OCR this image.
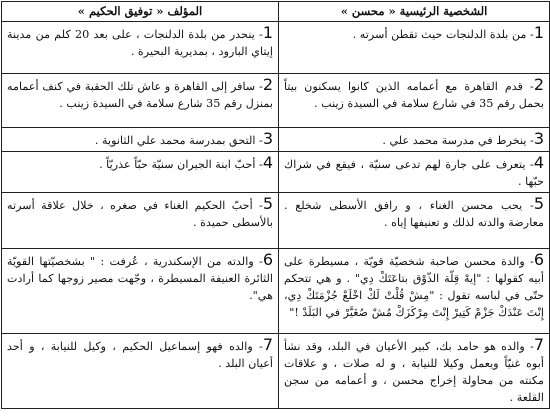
الشخصية الرئيسية « محسن »	المؤلف « توفيق الحكيم »
1- من بلدة الدلنجات حيث تقطن أسرته .	1- ينحدر من بلدة الدلنجات ، على بعد 20 كلم من مدينة إيتاي البارود ، بمديرية البحيرة .
2- قدم القاهرة مع أعمامه الذين كانوا يسكنون بيتاً بحمل رقم 35 في شارع سلامة في السيدة زينب .	2- سافر إلى القاهرة و عاش تلك الحقبة في كنف أعمامه بمنزل رقم 35 شارع سلامة في السيدة زينب .
3- ينخرط في مدرسة محمد علي .	3- التحق بمدرسة محمد علي الثانوية .
4- يتعرف على جارة لهم تدعى سنيّة ، فيقع في شراك حبّها .	4- أحبّ ابنة الجيران سنيّة حبّاً عذريّاً .
5- يحب محسن الغناء ، و رافق الأسطى شخلع . معارضة والدته لذلك و تعنيفها إياه .	5- أحبّ الحكيم الغناء في صغره ، خلال علاقة أسرته بالأسطى حميدة .
6- والدة محسن صاحبة شخصيّة قويّة ، مسيطرة على أبيه كقولها : "إيهْ قِلّة الذّوْق بتاعَتَكْ دِي" . و هي تتحكم حتّى في لباسه تقول : "مِشْ قُلْتْ لَكْ اخْلَعْ جُزْمَتَكْ دِي، إِنْتَ عَنْدَكْ جَزْمْ كَتِيرْ إِنْتَ مِرْكَزَكْ مُشْ صُغَيَّرْ في البَلَدْ !"	6- والدته من الإسكندرية ، عُرفت : " بشخصيّتها القويّة الثائرة العنيفة المسيطرة ، وجّهت مصير زوجها كما أرادت هي".
7- والده هو حامد بك، كبير الأعيان في البلد، وقد نشأ أبوه غنيّاً ويعمل وكيلا للنيابة ، و له صلات ، و علاقات مكنته من محاولة إخراج محسن ، و أعمامه من سجن القلعة .	7- والده فهو إسماعيل الحكيم ، وكيل للنيابة ، و أحد أعيان البلد .
